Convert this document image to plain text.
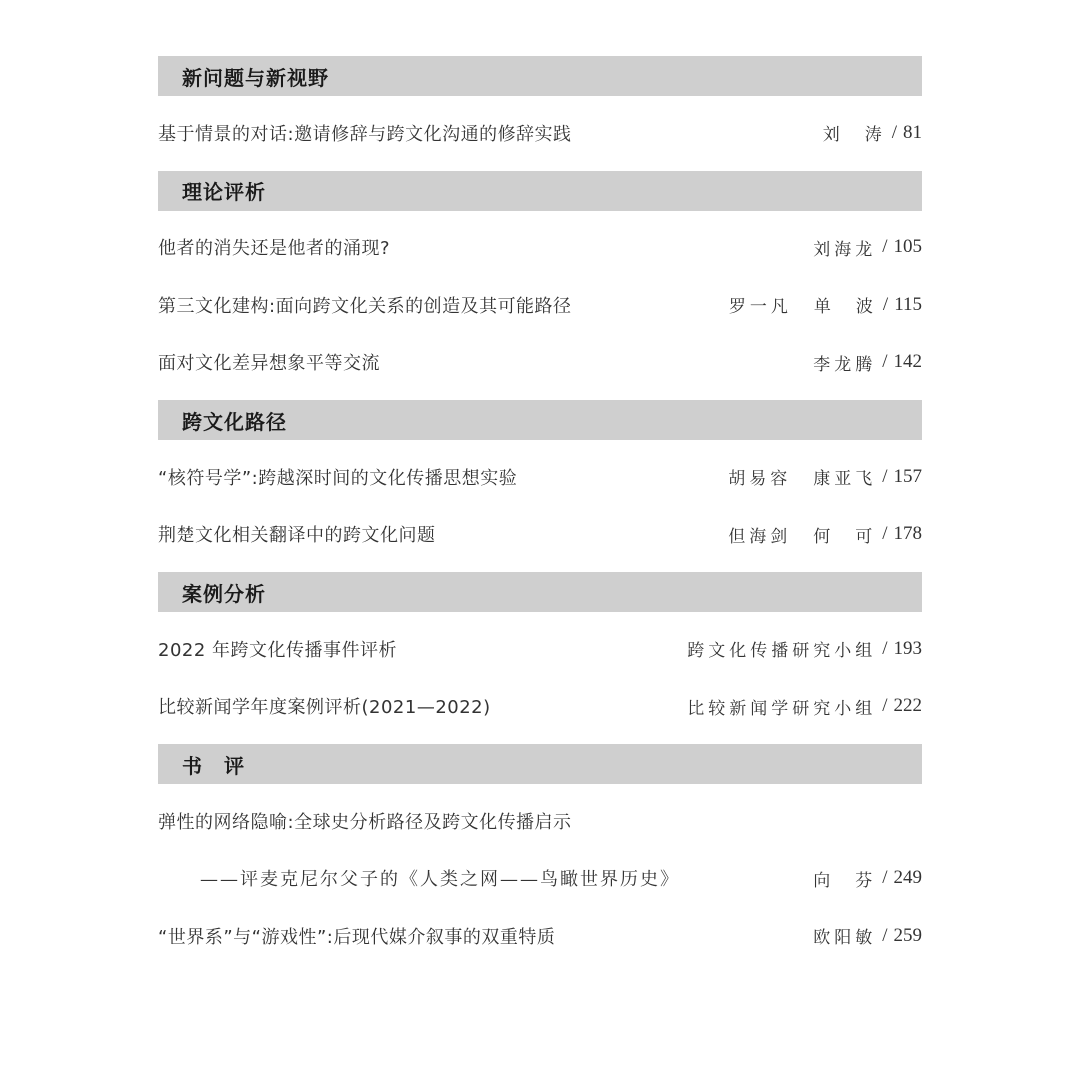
新问题与新视野
基于情景的对话:邀请修辞与跨文化沟通的修辞实践	刘　涛 / 81
理论评析
他者的消失还是他者的涌现?	刘海龙 / 105
第三文化建构:面向跨文化关系的创造及其可能路径	罗一凡 单　波 / 115
面对文化差异想象平等交流	李龙腾 / 142
跨文化路径
“核符号学”:跨越深时间的文化传播思想实验	胡易容 康亚飞 / 157
荆楚文化相关翻译中的跨文化问题	但海剑 何　可 / 178
案例分析
2022 年跨文化传播事件评析	跨文化传播研究小组 / 193
比较新闻学年度案例评析(2021—2022)	比较新闻学研究小组 / 222
书　评
弹性的网络隐喻:全球史分析路径及跨文化传播启示
——评麦克尼尔父子的《人类之网——鸟瞰世界历史》	向　芬 / 249
“世界系”与“游戏性”:后现代媒介叙事的双重特质	欧阳敏 / 259
